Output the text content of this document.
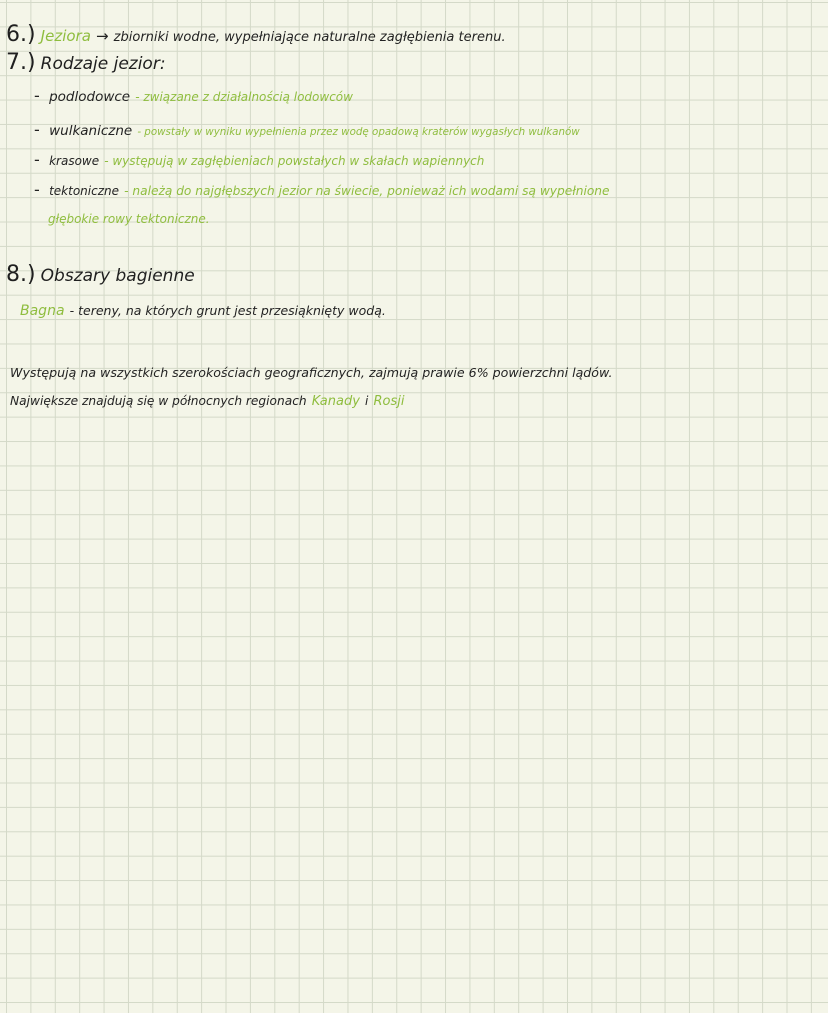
6.) Jeziora → zbiorniki wodne, wypełniające naturalne zagłębienia terenu.
7.) Rodzaje jezior:
- podlodowce - związane z działalnością lodowców
- wulkaniczne - powstały w wyniku wypełnienia przez wodę opadową kraterów wygasłych wulkanów
- krasowe - występują w zagłębieniach powstałych w skałach wapiennych
- tektoniczne - należą do najgłębszych jezior na świecie, ponieważ ich wodami są wypełnione
głębokie rowy tektoniczne.
8.) Obszary bagienne
Bagna - tereny, na których grunt jest przesiąknięty wodą.
Występują na wszystkich szerokościach geograficznych, zajmują prawie 6% powierzchni lądów.
Największe znajdują się w północnych regionach Kanady i Rosji
